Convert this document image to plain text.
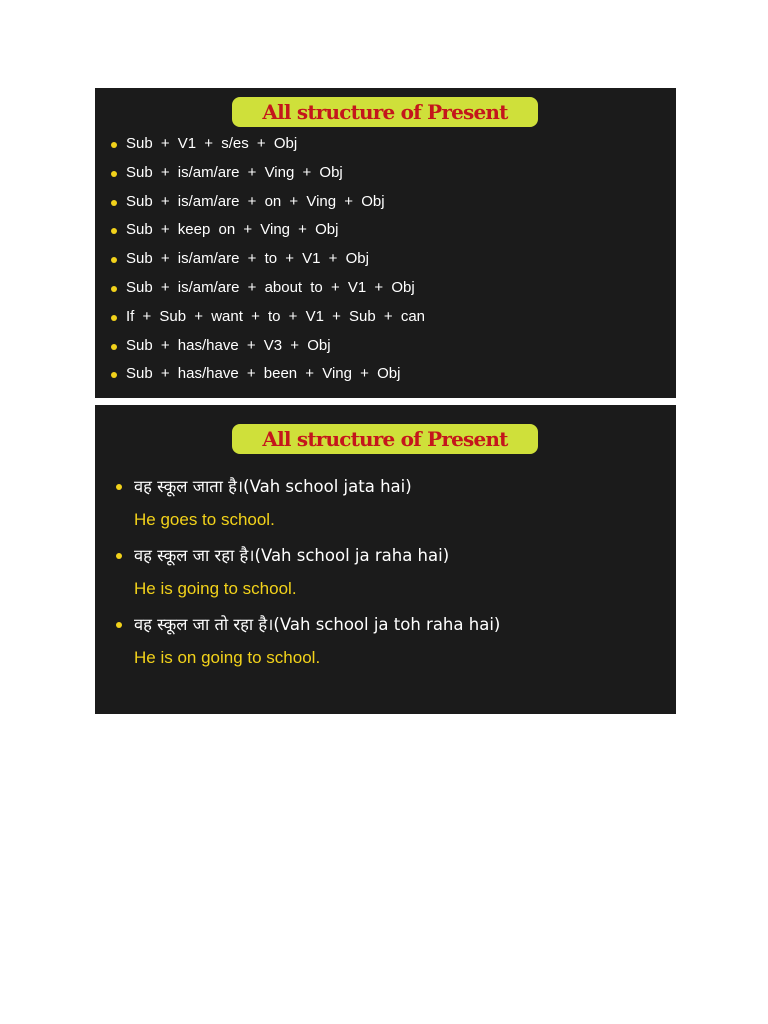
All structure of Present
Sub + V1 + s/es + Obj
Sub + is/am/are + Ving + Obj
Sub + is/am/are + on + Ving + Obj
Sub + keep on + Ving + Obj
Sub + is/am/are + to + V1 + Obj
Sub + is/am/are + about to + V1 + Obj
If + Sub + want + to + V1 + Sub + can
Sub + has/have + V3 + Obj
Sub + has/have + been + Ving + Obj
All structure of Present
वह स्कूल जाता है।(Vah school jata hai)
He goes to school.
वह स्कूल जा रहा है।(Vah school ja raha hai)
He is going to school.
वह स्कूल जा तो रहा है।(Vah school ja toh raha hai)
He is on going to school.
